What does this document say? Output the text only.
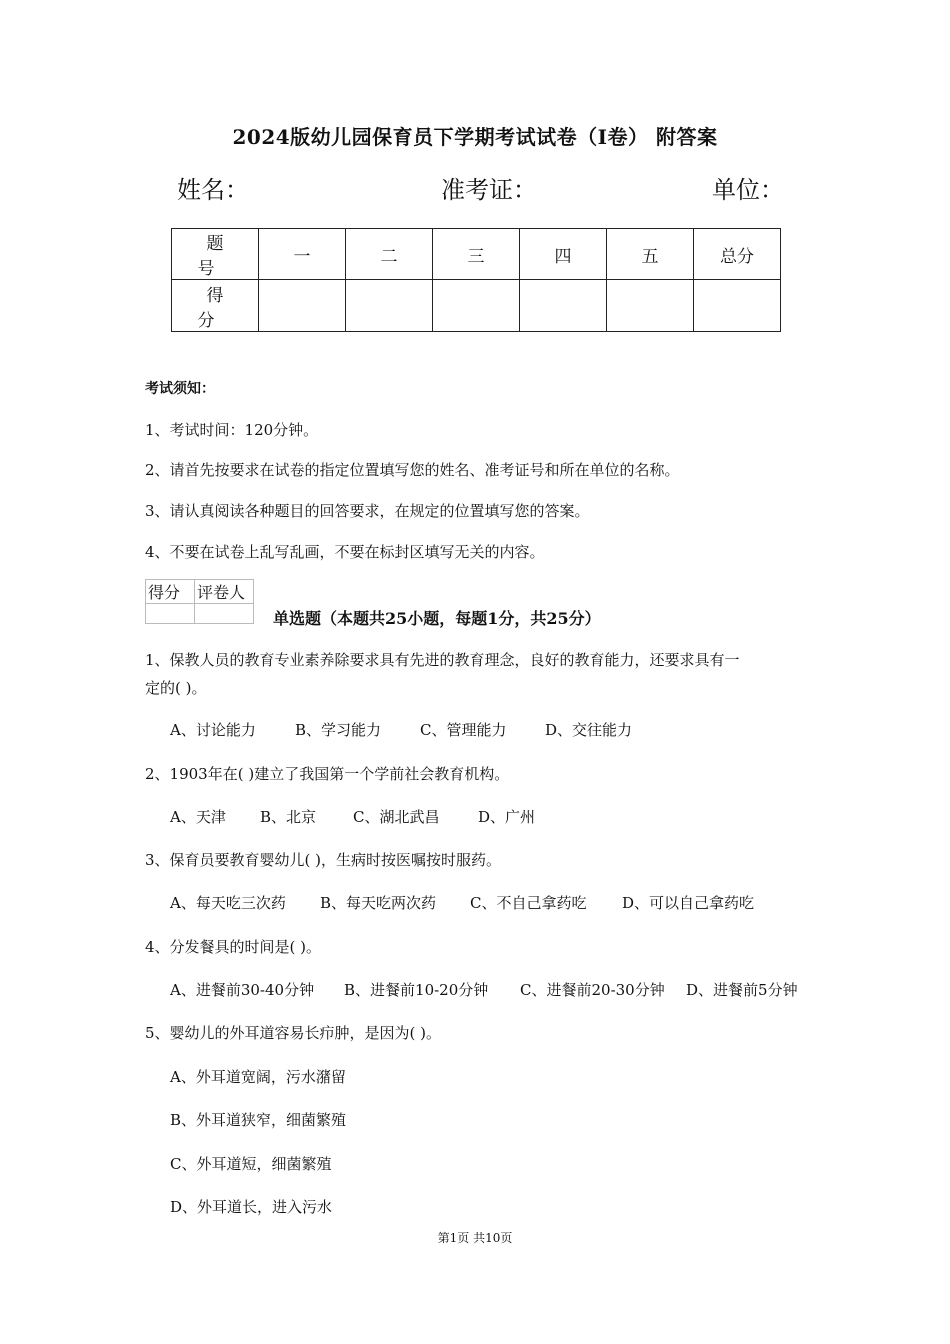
2024版幼儿园保育员下学期考试试卷（I卷） 附答案
姓名：	准考证：	单位：
题 号	一	二	三	四	五	总分
得 分						
考试须知：
1、考试时间：120分钟。
2、请首先按要求在试卷的指定位置填写您的姓名、准考证号和所在单位的名称。
3、请认真阅读各种题目的回答要求，在规定的位置填写您的答案。
4、不要在试卷上乱写乱画，不要在标封区填写无关的内容。
得分	评卷人

单选题（本题共25小题，每题1分，共25分）
1、保教人员的教育专业素养除要求具有先进的教育理念，良好的教育能力，还要求具有一
定的( )。
A、讨论能力	B、学习能力	C、管理能力	D、交往能力
2、1903年在( )建立了我国第一个学前社会教育机构。
A、天津 B、北京 C、湖北武昌	D、广州
3、保育员要教育婴幼儿( )，生病时按医嘱按时服药。
A、每天吃三次药 B、每天吃两次药 C、不自己拿药吃 D、可以自己拿药吃
4、分发餐具的时间是( )。
A、进餐前30-40分钟 B、进餐前10-20分钟 C、进餐前20-30分钟 D、进餐前5分钟
5、婴幼儿的外耳道容易长疖肿，是因为( )。
A、外耳道宽阔，污水潴留
B、外耳道狭窄，细菌繁殖
C、外耳道短，细菌繁殖
D、外耳道长，进入污水
第1页 共10页
